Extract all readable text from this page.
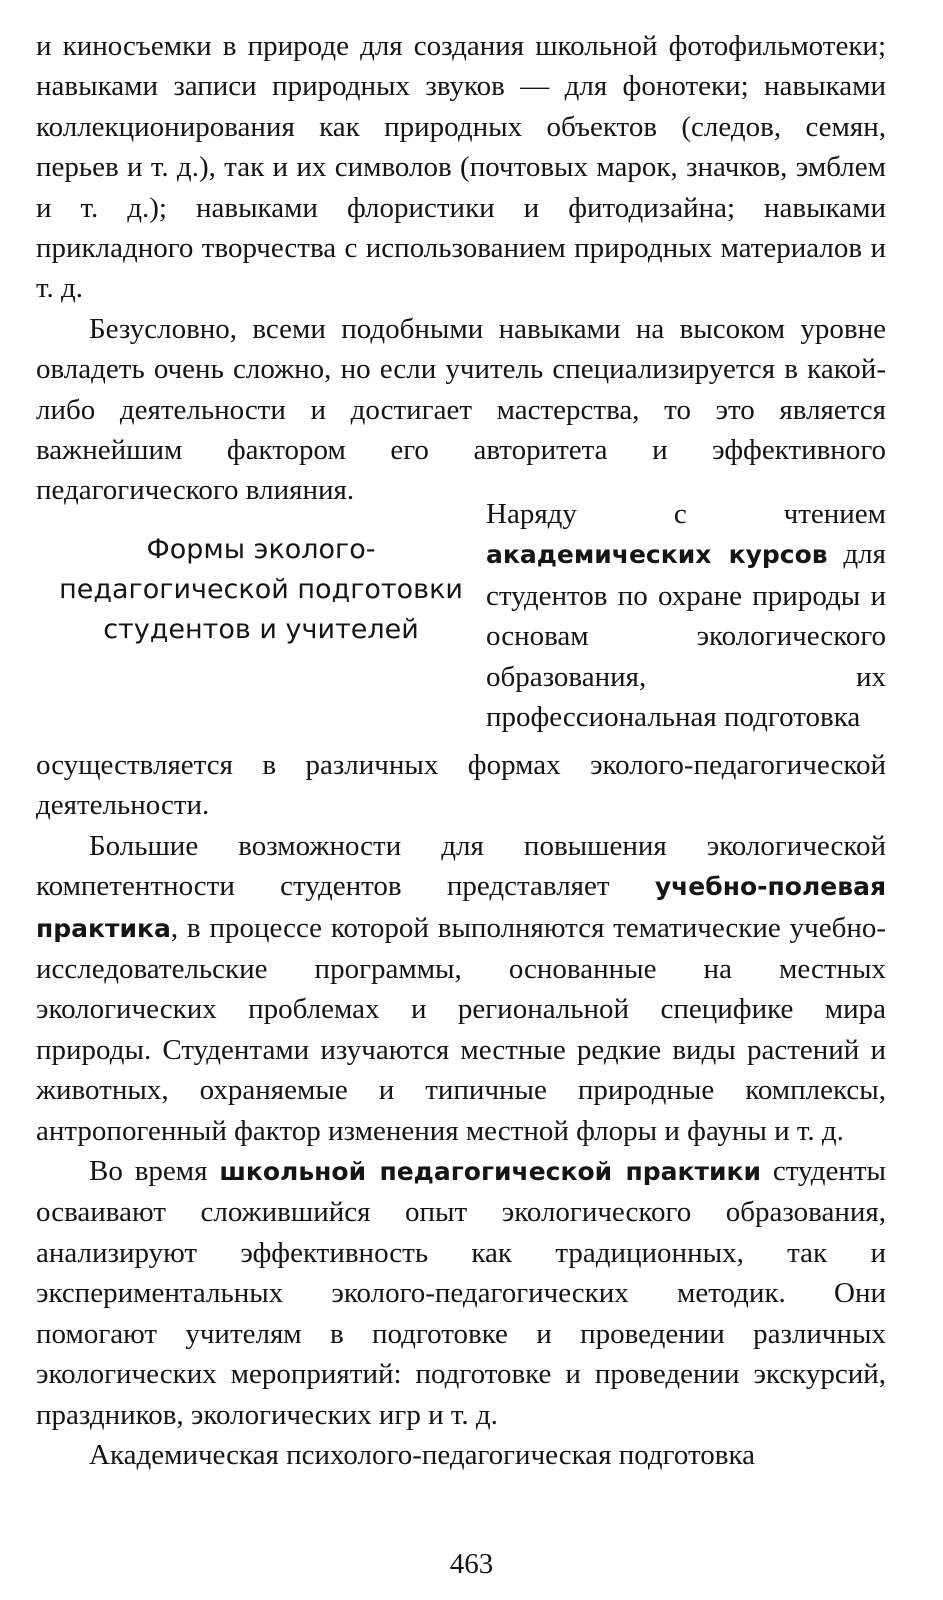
и киносъемки в природе для создания школьной фотофильмотеки; навыками записи природных звуков — для фонотеки; навыками коллекционирования как природных объектов (следов, семян, перьев и т. д.), так и их символов (почтовых марок, значков, эмблем и т. д.); навыками флористики и фитодизайна; навыками прикладного творчества с использованием природных материалов и т. д.

Безусловно, всеми подобными навыками на высоком уровне овладеть очень сложно, но если учитель специализируется в какой-либо деятельности и достигает мастерства, то это является важнейшим фактором его авторитета и эффективного педагогического влияния.

Формы эколого-педагогической подготовки студентов и учителей

Наряду с чтением академических курсов для студентов по охране природы и основам экологического образования, их профессиональная подготовка

осуществляется в различных формах эколого-педагогической деятельности.

Большие возможности для повышения экологической компетентности студентов представляет учебно-полевая практика, в процессе которой выполняются тематические учебно-исследовательские программы, основанные на местных экологических проблемах и региональной специфике мира природы. Студентами изучаются местные редкие виды растений и животных, охраняемые и типичные природные комплексы, антропогенный фактор изменения местной флоры и фауны и т. д.

Во время школьной педагогической практики студенты осваивают сложившийся опыт экологического образования, анализируют эффективность как традиционных, так и экспериментальных эколого-педагогических методик. Они помогают учителям в подготовке и проведении различных экологических мероприятий: подготовке и проведении экскурсий, праздников, экологических игр и т. д.

Академическая психолого-педагогическая подготовка

463
